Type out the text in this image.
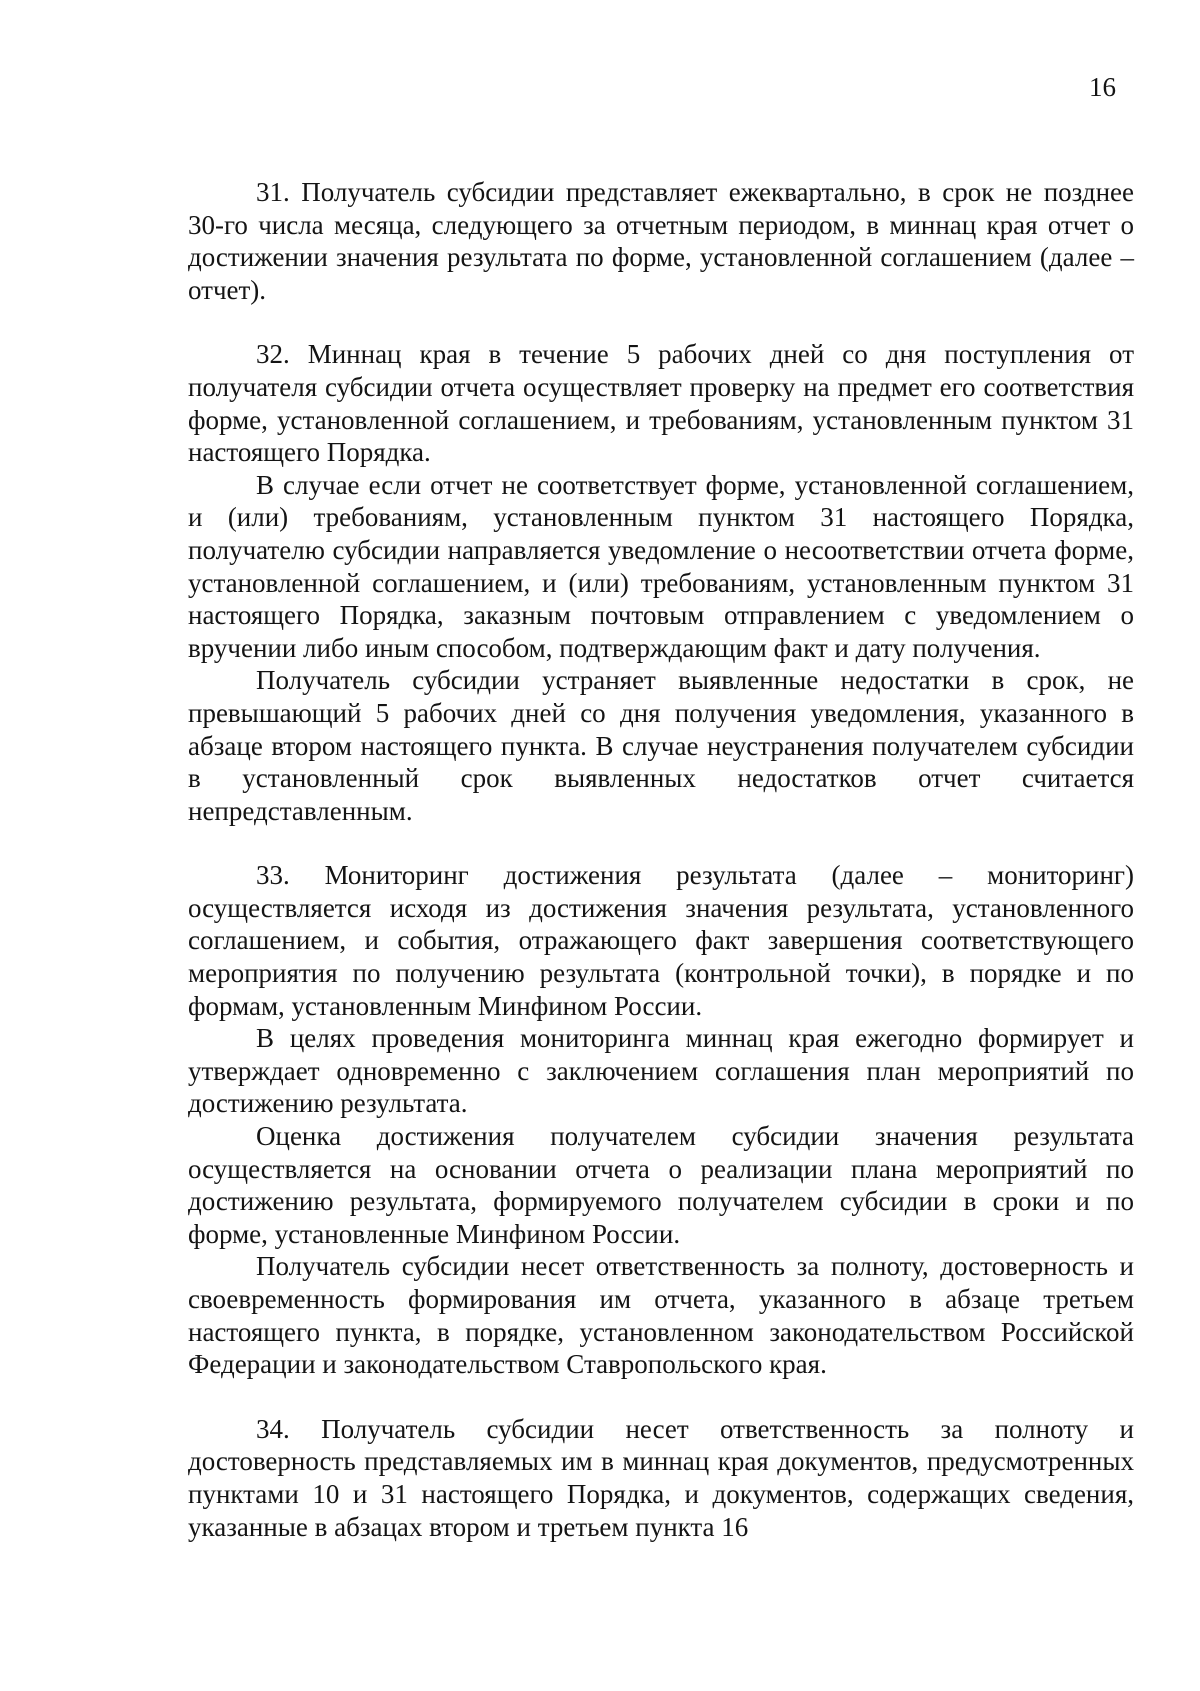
16

31. Получатель субсидии представляет ежеквартально, в срок не позднее 30-го числа месяца, следующего за отчетным периодом, в миннац края отчет о достижении значения результата по форме, установленной соглашением (далее – отчет).

32. Миннац края в течение 5 рабочих дней со дня поступления от получателя субсидии отчета осуществляет проверку на предмет его соответствия форме, установленной соглашением, и требованиям, установленным пунктом 31 настоящего Порядка.

В случае если отчет не соответствует форме, установленной соглашением, и (или) требованиям, установленным пунктом 31 настоящего Порядка, получателю субсидии направляется уведомление о несоответствии отчета форме, установленной соглашением, и (или) требованиям, установленным пунктом 31 настоящего Порядка, заказным почтовым отправлением с уведомлением о вручении либо иным способом, подтверждающим факт и дату получения.

Получатель субсидии устраняет выявленные недостатки в срок, не превышающий 5 рабочих дней со дня получения уведомления, указанного в абзаце втором настоящего пункта. В случае неустранения получателем субсидии в установленный срок выявленных недостатков отчет считается непредставленным.

33. Мониторинг достижения результата (далее – мониторинг) осуществляется исходя из достижения значения результата, установленного соглашением, и события, отражающего факт завершения соответствующего мероприятия по получению результата (контрольной точки), в порядке и по формам, установленным Минфином России.

В целях проведения мониторинга миннац края ежегодно формирует и утверждает одновременно с заключением соглашения план мероприятий по достижению результата.

Оценка достижения получателем субсидии значения результата осуществляется на основании отчета о реализации плана мероприятий по достижению результата, формируемого получателем субсидии в сроки и по форме, установленные Минфином России.

Получатель субсидии несет ответственность за полноту, достоверность и своевременность формирования им отчета, указанного в абзаце третьем настоящего пункта, в порядке, установленном законодательством Российской Федерации и законодательством Ставропольского края.

34. Получатель субсидии несет ответственность за полноту и достоверность представляемых им в миннац края документов, предусмотренных пунктами 10 и 31 настоящего Порядка, и документов, содержащих сведения, указанные в абзацах втором и третьем пункта 16
